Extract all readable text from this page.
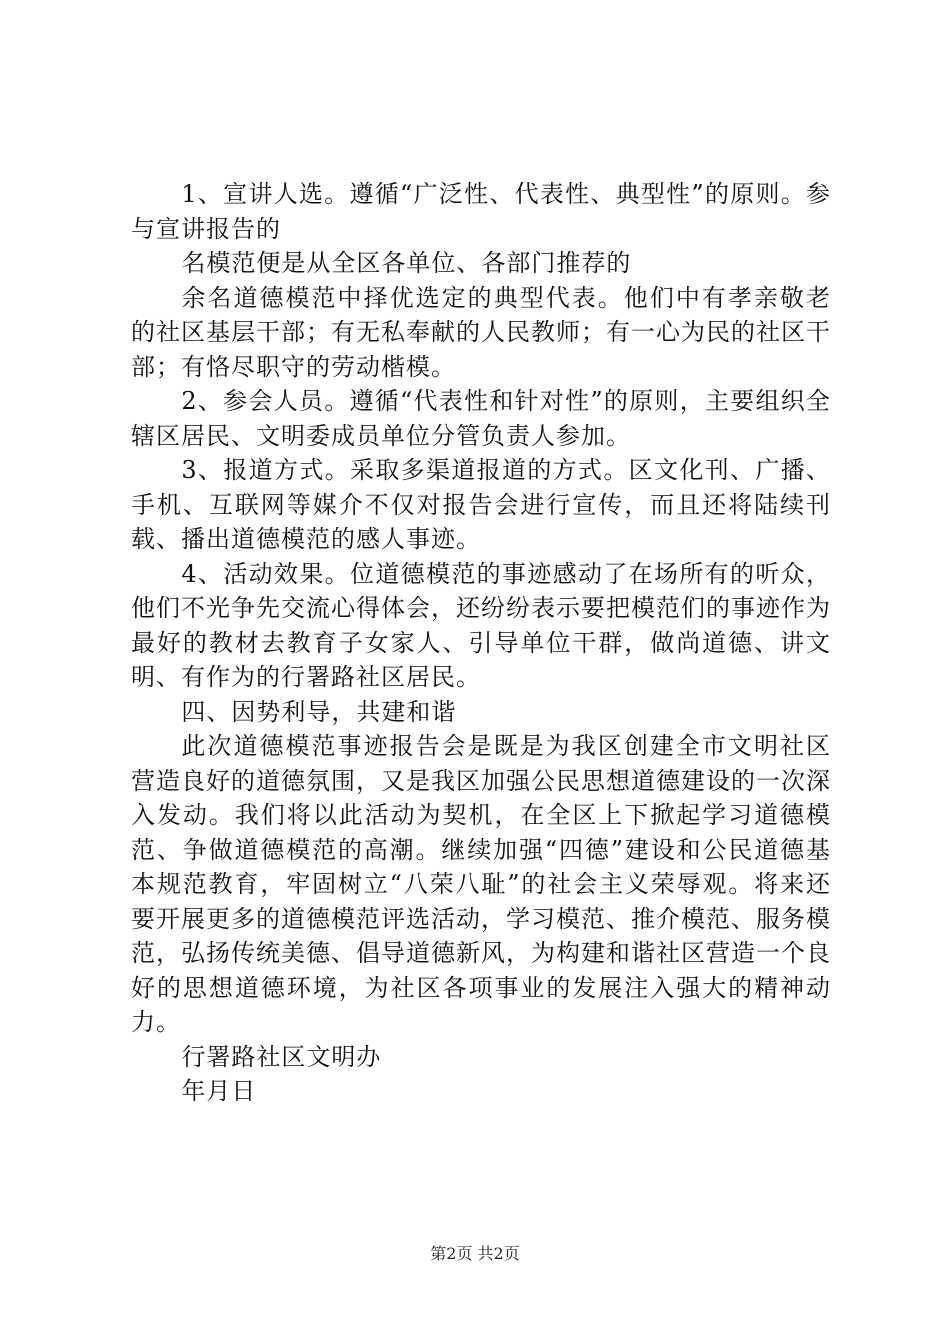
1、宣讲人选。遵循“广泛性、代表性、典型性”的原则。参与宣讲报告的

名模范便是从全区各单位、各部门推荐的

余名道德模范中择优选定的典型代表。他们中有孝亲敬老的社区基层干部；有无私奉献的人民教师；有一心为民的社区干部；有恪尽职守的劳动楷模。

2、参会人员。遵循“代表性和针对性”的原则，主要组织全辖区居民、文明委成员单位分管负责人参加。

3、报道方式。采取多渠道报道的方式。区文化刊、广播、手机、互联网等媒介不仅对报告会进行宣传，而且还将陆续刊载、播出道德模范的感人事迹。

4、活动效果。位道德模范的事迹感动了在场所有的听众，他们不光争先交流心得体会，还纷纷表示要把模范们的事迹作为最好的教材去教育子女家人、引导单位干群，做尚道德、讲文明、有作为的行署路社区居民。

四、因势利导，共建和谐

此次道德模范事迹报告会是既是为我区创建全市文明社区营造良好的道德氛围，又是我区加强公民思想道德建设的一次深入发动。我们将以此活动为契机，在全区上下掀起学习道德模范、争做道德模范的高潮。继续加强“四德”建设和公民道德基本规范教育，牢固树立“八荣八耻”的社会主义荣辱观。将来还要开展更多的道德模范评选活动，学习模范、推介模范、服务模范，弘扬传统美德、倡导道德新风，为构建和谐社区营造一个良好的思想道德环境，为社区各项事业的发展注入强大的精神动力。

行署路社区文明办

年月日

第2页 共2页
